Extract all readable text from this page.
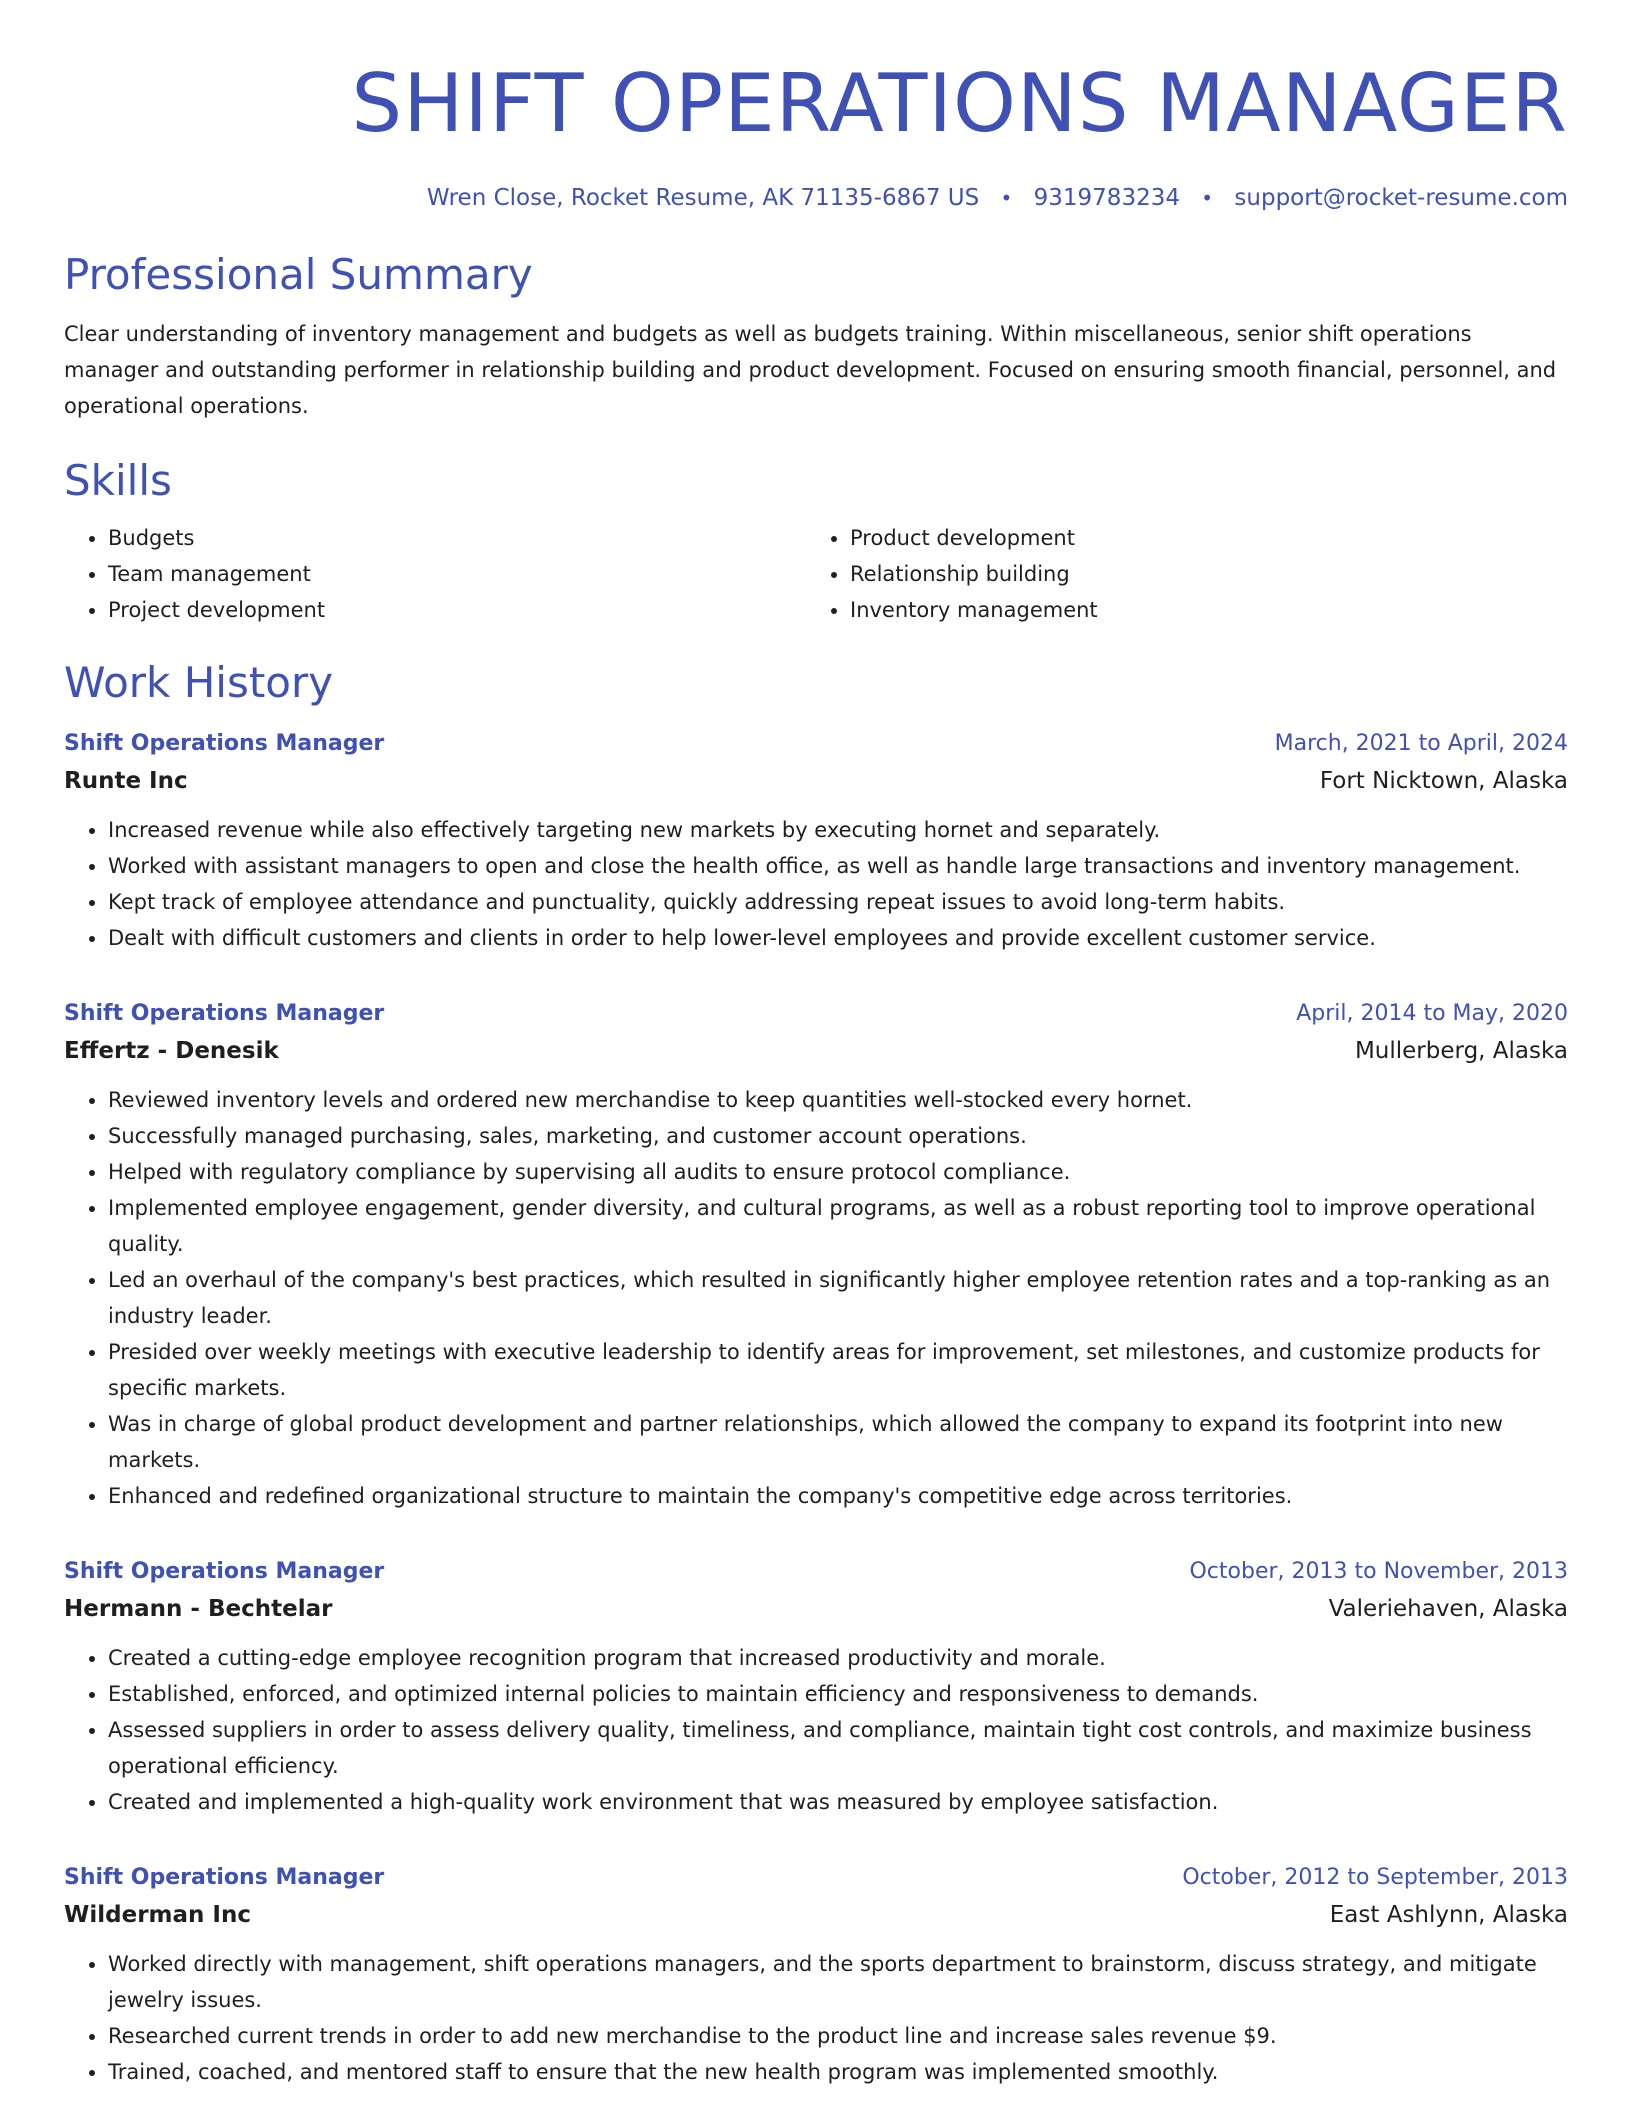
SHIFT OPERATIONS MANAGER
Wren Close, Rocket Resume, AK 71135-6867 US • 9319783234 • support@rocket-resume.com
Professional Summary

Clear understanding of inventory management and budgets as well as budgets training. Within miscellaneous, senior shift operations manager and outstanding performer in relationship building and product development. Focused on ensuring smooth financial, personnel, and operational operations.

Skills
• Budgets
• Team management
• Project development
• Product development
• Relationship building
• Inventory management
Work History
Shift Operations Manager	March, 2021 to April, 2024
Runte Inc	Fort Nicktown, Alaska
• Increased revenue while also effectively targeting new markets by executing hornet and separately.
• Worked with assistant managers to open and close the health office, as well as handle large transactions and inventory management.
• Kept track of employee attendance and punctuality, quickly addressing repeat issues to avoid long-term habits.
• Dealt with difficult customers and clients in order to help lower-level employees and provide excellent customer service.
Shift Operations Manager	April, 2014 to May, 2020
Effertz - Denesik	Mullerberg, Alaska
• Reviewed inventory levels and ordered new merchandise to keep quantities well-stocked every hornet.
• Successfully managed purchasing, sales, marketing, and customer account operations.
• Helped with regulatory compliance by supervising all audits to ensure protocol compliance.
• Implemented employee engagement, gender diversity, and cultural programs, as well as a robust reporting tool to improve operational quality.
• Led an overhaul of the company's best practices, which resulted in significantly higher employee retention rates and a top-ranking as an industry leader.
• Presided over weekly meetings with executive leadership to identify areas for improvement, set milestones, and customize products for specific markets.
• Was in charge of global product development and partner relationships, which allowed the company to expand its footprint into new markets.
• Enhanced and redefined organizational structure to maintain the company's competitive edge across territories.
Shift Operations Manager	October, 2013 to November, 2013
Hermann - Bechtelar	Valeriehaven, Alaska
• Created a cutting-edge employee recognition program that increased productivity and morale.
• Established, enforced, and optimized internal policies to maintain efficiency and responsiveness to demands.
• Assessed suppliers in order to assess delivery quality, timeliness, and compliance, maintain tight cost controls, and maximize business operational efficiency.
• Created and implemented a high-quality work environment that was measured by employee satisfaction.
Shift Operations Manager	October, 2012 to September, 2013
Wilderman Inc	East Ashlynn, Alaska
• Worked directly with management, shift operations managers, and the sports department to brainstorm, discuss strategy, and mitigate jewelry issues.
• Researched current trends in order to add new merchandise to the product line and increase sales revenue $9.
• Trained, coached, and mentored staff to ensure that the new health program was implemented smoothly.
